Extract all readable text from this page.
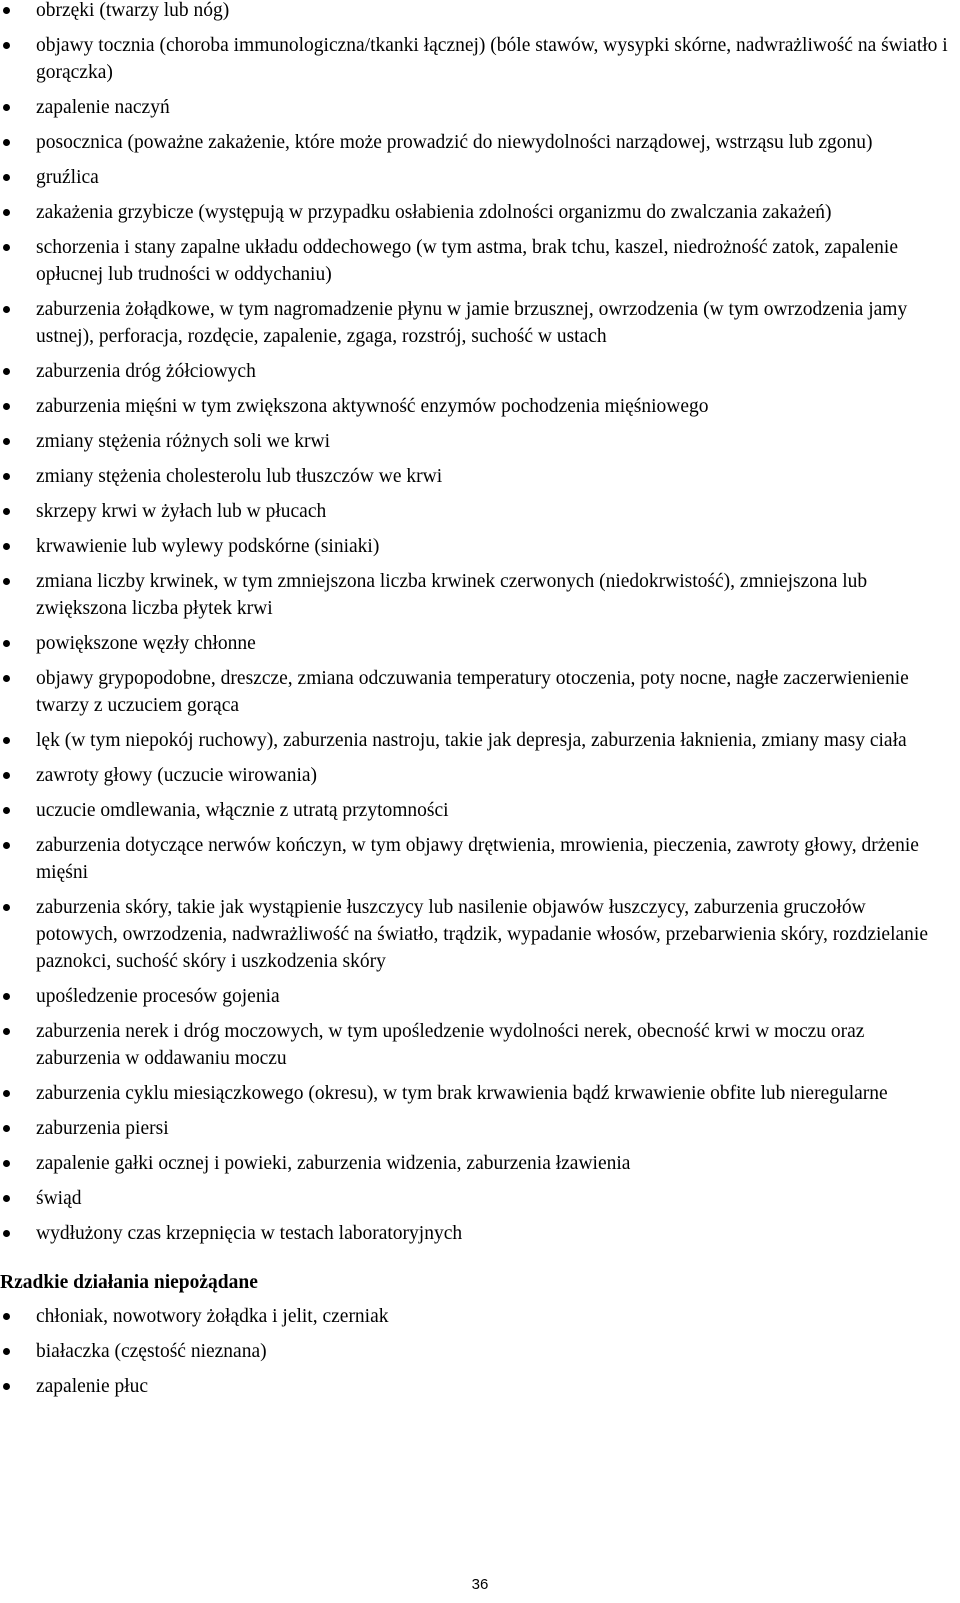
obrzęki (twarzy lub nóg)
objawy tocznia (choroba immunologiczna/tkanki łącznej) (bóle stawów, wysypki skórne, nadwrażliwość na światło i gorączka)
zapalenie naczyń
posocznica (poważne zakażenie, które może prowadzić do niewydolności narządowej, wstrząsu lub zgonu)
gruźlica
zakażenia grzybicze (występują w przypadku osłabienia zdolności organizmu do zwalczania zakażeń)
schorzenia i stany zapalne układu oddechowego (w tym astma, brak tchu, kaszel, niedrożność zatok, zapalenie opłucnej lub trudności w oddychaniu)
zaburzenia żołądkowe, w tym nagromadzenie płynu w jamie brzusznej, owrzodzenia (w tym owrzodzenia jamy ustnej), perforacja, rozdęcie, zapalenie, zgaga, rozstrój, suchość w ustach
zaburzenia dróg żółciowych
zaburzenia mięśni w tym zwiększona aktywność enzymów pochodzenia mięśniowego
zmiany stężenia różnych soli we krwi
zmiany stężenia cholesterolu lub tłuszczów we krwi
skrzepy krwi w żyłach lub w płucach
krwawienie lub wylewy podskórne (siniaki)
zmiana liczby krwinek, w tym zmniejszona liczba krwinek czerwonych (niedokrwistość), zmniejszona lub zwiększona liczba płytek krwi
powiększone węzły chłonne
objawy grypopodobne, dreszcze, zmiana odczuwania temperatury otoczenia, poty nocne, nagłe zaczerwienienie twarzy z uczuciem gorąca
lęk (w tym niepokój ruchowy), zaburzenia nastroju, takie jak depresja, zaburzenia łaknienia, zmiany masy ciała
zawroty głowy (uczucie wirowania)
uczucie omdlewania, włącznie z utratą przytomności
zaburzenia dotyczące nerwów kończyn, w tym objawy drętwienia, mrowienia, pieczenia, zawroty głowy, drżenie mięśni
zaburzenia skóry, takie jak wystąpienie łuszczycy lub nasilenie objawów łuszczycy, zaburzenia gruczołów potowych, owrzodzenia, nadwrażliwość na światło, trądzik, wypadanie włosów, przebarwienia skóry, rozdzielanie paznokci, suchość skóry i uszkodzenia skóry
upośledzenie procesów gojenia
zaburzenia nerek i dróg moczowych, w tym upośledzenie wydolności nerek, obecność krwi w moczu oraz zaburzenia w oddawaniu moczu
zaburzenia cyklu miesiączkowego (okresu), w tym brak krwawienia bądź krwawienie obfite lub nieregularne
zaburzenia piersi
zapalenie gałki ocznej i powieki, zaburzenia widzenia, zaburzenia łzawienia
świąd
wydłużony czas krzepnięcia w testach laboratoryjnych
Rzadkie działania niepożądane
chłoniak, nowotwory żołądka i jelit, czerniak
białaczka (częstość nieznana)
zapalenie płuc
36
